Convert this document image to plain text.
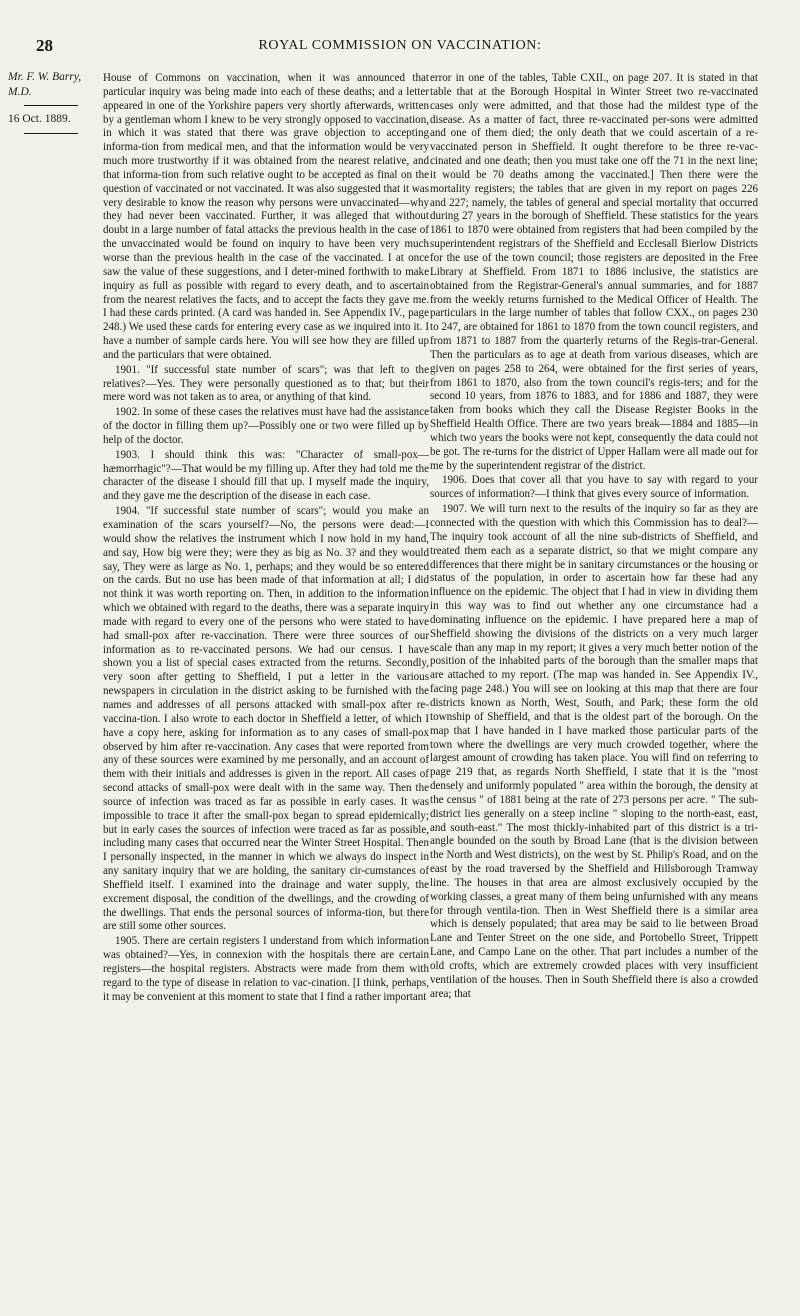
28	ROYAL COMMISSION ON VACCINATION:
Mr. F. W. Barry, M.D.
16 Oct. 1889.

House of Commons on vaccination, when it was announced that particular inquiry was being made into each of these deaths; and a letter appeared in one of the Yorkshire papers very shortly afterwards, written by a gentleman whom I knew to be very strongly opposed to vaccination, in which it was stated that there was grave objection to accepting informa-tion from medical men, and that the information would be very much more trustworthy if it was obtained from the nearest relative, and that informa-tion from such relative ought to be accepted as final on the question of vaccinated or not vaccinated. It was also suggested that it was very desirable to know the reason why persons were unvaccinated—why they had never been vaccinated. Further, it was alleged that without doubt in a large number of fatal attacks the previous health in the case of the unvaccinated would be found on inquiry to have been very much worse than the previous health in the case of the vaccinated. I at once saw the value of these suggestions, and I deter-mined forthwith to make inquiry as full as possible with regard to every death, and to ascertain from the nearest relatives the facts, and to accept the facts they gave me. I had these cards printed. (A card was handed in. See Appendix IV., page 248.) We used these cards for entering every case as we inquired into it. I have a number of sample cards here. You will see how they are filled up and the particulars that were obtained.

1901. "If successful state number of scars"; was that left to the relatives?—Yes. They were personally questioned as to that; but their mere word was not taken as to area, or anything of that kind.

1902. In some of these cases the relatives must have had the assistance of the doctor in filling them up?—Possibly one or two were filled up by help of the doctor.

1903. I should think this was: "Character of small-pox—hæmorrhagic"?—That would be my filling up. After they had told me the character of the disease I should fill that up. I myself made the inquiry, and they gave me the description of the disease in each case.

1904. "If successful state number of scars"; would you make an examination of the scars yourself?—No, the persons were dead:—I would show the relatives the instrument which I now hold in my hand, and say, How big were they; were they as big as No. 3? and they would say, They were as large as No. 1, perhaps; and they would be so entered on the cards. But no use has been made of that information at all; I did not think it was worth reporting on. Then, in addition to the information which we obtained with regard to the deaths, there was a separate inquiry made with regard to every one of the persons who were stated to have had small-pox after re-vaccination. There were three sources of our information as to re-vaccinated persons. We had our census. I have shown you a list of special cases extracted from the returns. Secondly, very soon after getting to Sheffield, I put a letter in the various newspapers in circulation in the district asking to be furnished with the names and addresses of all persons attacked with small-pox after re-vaccina-tion. I also wrote to each doctor in Sheffield a letter, of which I have a copy here, asking for information as to any cases of small-pox observed by him after re-vaccination. Any cases that were reported from any of these sources were examined by me personally, and an account of them with their initials and addresses is given in the report. All cases of second attacks of small-pox were dealt with in the same way. Then the source of infection was traced as far as possible in early cases. It was impossible to trace it after the small-pox began to spread epidemically; but in early cases the sources of infection were traced as far as possible, including many cases that occurred near the Winter Street Hospital. Then I personally inspected, in the manner in which we always do inspect in any sanitary inquiry that we are holding, the sanitary cir-cumstances of Sheffield itself. I examined into the drainage and water supply, the excrement disposal, the condition of the dwellings, and the crowding of the dwellings. That ends the personal sources of informa-tion, but there are still some other sources.

1905. There are certain registers I understand from which information was obtained?—Yes, in connexion with the hospitals there are certain registers—the hospital registers. Abstracts were made from them with regard to the type of disease in relation to vac-cination. [I think, perhaps, it may be convenient at this moment to state that I find a rather important

error in one of the tables, Table CXII., on page 207. It is stated in that table that at the Borough Hospital in Winter Street two re-vaccinated cases only were admitted, and that those had the mildest type of the disease. As a matter of fact, three re-vaccinated per-sons were admitted and one of them died; the only death that we could ascertain of a re-vaccinated person in Sheffield. It ought therefore to be three re-vac-cinated and one death; then you must take one off the 71 in the next line; it would be 70 deaths among the vaccinated.] Then there were the mortality registers; the tables that are given in my report on pages 226 and 227; namely, the tables of general and special mortality that occurred during 27 years in the borough of Sheffield. These statistics for the years 1861 to 1870 were obtained from registers that had been compiled by the superintendent registrars of the Sheffield and Ecclesall Bierlow Districts for the use of the town council; those registers are deposited in the Free Library at Sheffield. From 1871 to 1886 inclusive, the statistics are obtained from the Registrar-General's annual summaries, and for 1887 from the weekly returns furnished to the Medical Officer of Health. The particulars in the large number of tables that follow CXX., on pages 230 to 247, are obtained for 1861 to 1870 from the town council registers, and from 1871 to 1887 from the quarterly returns of the Regis-trar-General. Then the particulars as to age at death from various diseases, which are given on pages 258 to 264, were obtained for the first series of years, from 1861 to 1870, also from the town council's regis-ters; and for the second 10 years, from 1876 to 1883, and for 1886 and 1887, they were taken from books which they call the Disease Register Books in the Sheffield Health Office. There are two years break—1884 and 1885—in which two years the books were not kept, consequently the data could not be got. The re-turns for the district of Upper Hallam were all made out for me by the superintendent registrar of the district.

1906. Does that cover all that you have to say with regard to your sources of information?—I think that gives every source of information.

1907. We will turn next to the results of the inquiry so far as they are connected with the question with which this Commission has to deal?—The inquiry took account of all the nine sub-districts of Sheffield, and treated them each as a separate district, so that we might compare any differences that there might be in sanitary circumstances or the housing or status of the population, in order to ascertain how far these had any influence on the epidemic. The object that I had in view in dividing them in this way was to find out whether any one circumstance had a dominating influence on the epidemic. I have prepared here a map of Sheffield showing the divisions of the districts on a very much larger scale than any map in my report; it gives a very much better notion of the position of the inhabited parts of the borough than the smaller maps that are attached to my report. (The map was handed in. See Appendix IV., facing page 248.) You will see on looking at this map that there are four districts known as North, West, South, and Park; these form the old township of Sheffield, and that is the oldest part of the borough. On the map that I have handed in I have marked those particular parts of the town where the dwellings are very much crowded together, where the largest amount of crowding has taken place. You will find on referring to page 219 that, as regards North Sheffield, I state that it is the "most densely and uniformly populated " area within the borough, the density at the census " of 1881 being at the rate of 273 persons per acre. " The sub-district lies generally on a steep incline " sloping to the north-east, east, and south-east." The most thickly-inhabited part of this district is a tri-angle bounded on the south by Broad Lane (that is the division between the North and West districts), on the west by St. Philip's Road, and on the east by the road traversed by the Sheffield and Hillsborough Tramway line. The houses in that area are almost exclusively occupied by the working classes, a great many of them being unfurnished with any means for through ventila-tion. Then in West Sheffield there is a similar area which is densely populated; that area may be said to lie between Broad Lane and Tenter Street on the one side, and Portobello Street, Trippett Lane, and Campo Lane on the other. That part includes a number of the old crofts, which are extremely crowded places with very insufficient ventilation of the houses. Then in South Sheffield there is also a crowded area; that
